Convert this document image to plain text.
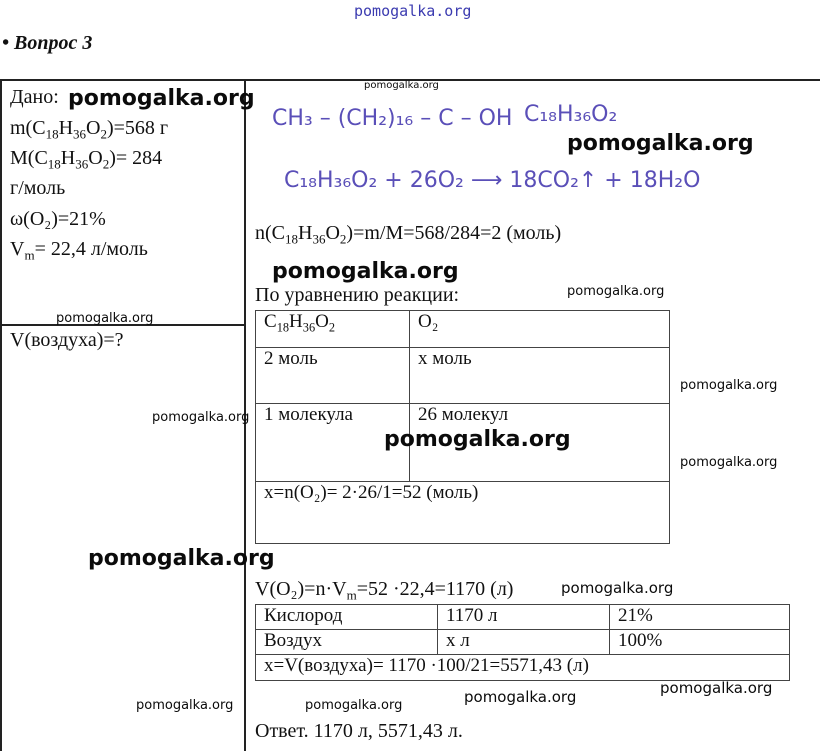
pomogalka.org
• Вопрос 3
Дано:
$m(C_{18}H_{36}O_2)=568$ г
$M(C_{18}H_{36}O_2)= 284$
г/моль
ω(O₂)=21%
$V_m= 22,4$ л/моль
V(воздуха)=?
CH₃ – (CH₂)₁₆ – C – OH C₁₈H₃₆O₂
C₁₈H₃₆O₂ + 26O₂ ⟶ 18CO₂↑ + 18H₂O
$n(C_{18}H_{36}O_2)=m/M=568/284=2$ (моль)
По уравнению реакции:
$C_{18}H_{36}O_2$	O₂
2 моль	x моль
1 молекула	26 молекул
x=n(O₂)= 2·26/1=52 (моль)	
$V(O_2)=n\cdot V_m=52 \cdot 22,4=1170$ (л)
Кислород	1170 л	21%
Воздух	x л	100%
x=V(воздуха)= 1170 ·100/21=5571,43 (л)		
Ответ. 1170 л, 5571,43 л.
pomogalka.org
pomogalka.org
pomogalka.org
pomogalka.org
pomogalka.org
pomogalka.org
pomogalka.org
pomogalka.org
pomogalka.org
pomogalka.org
pomogalka.org
pomogalka.org
pomogalka.org
pomogalka.org
pomogalka.org	pomogalka.org
